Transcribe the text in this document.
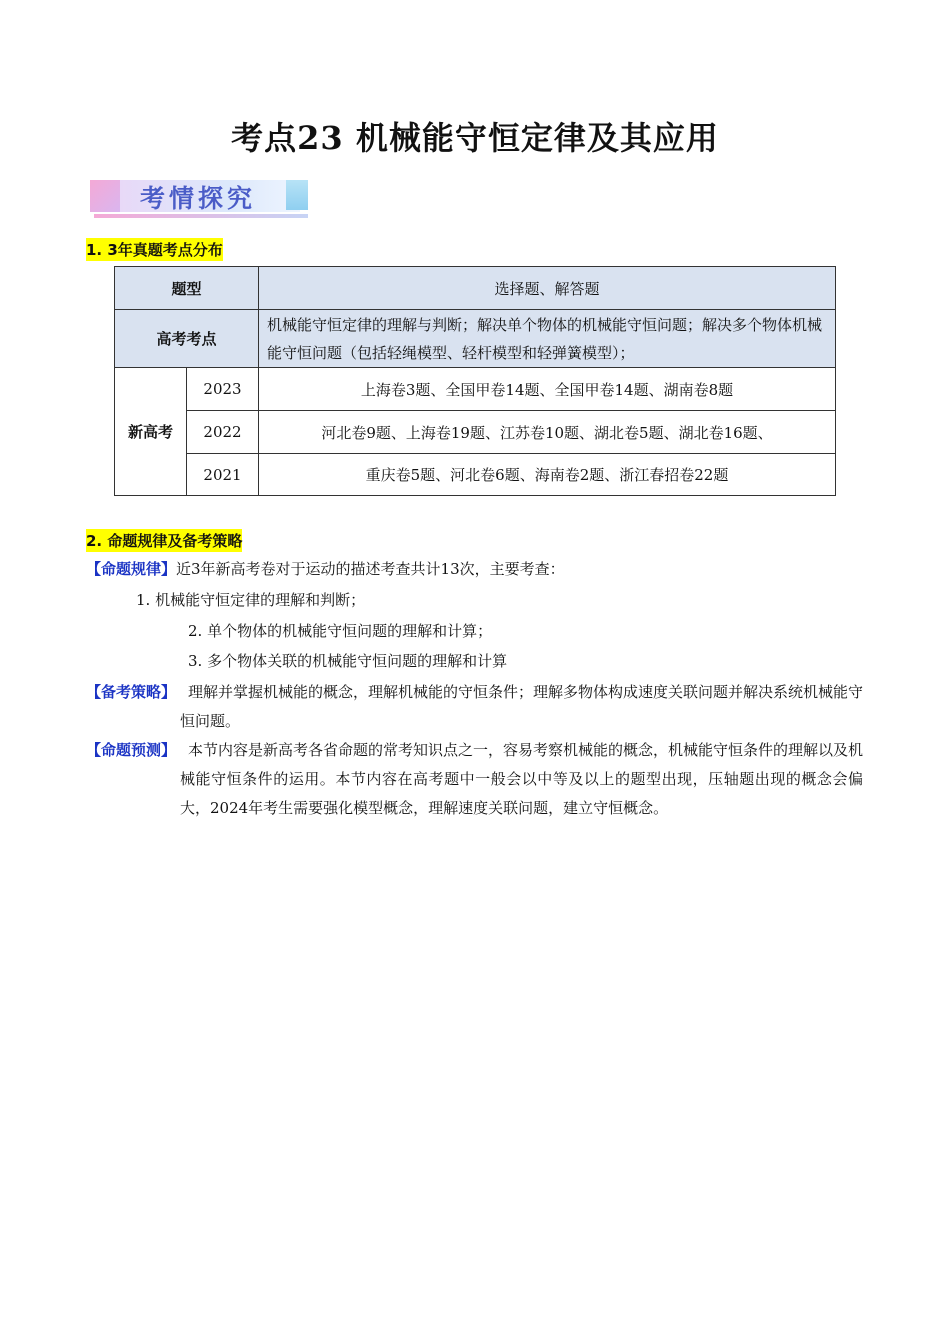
考点23 机械能守恒定律及其应用
考情探究
1. 3年真题考点分布
题型		选择题、解答题
高考考点		机械能守恒定律的理解与判断；解决单个物体的机械能守恒问题；解决多个物体机械能守恒问题（包括轻绳模型、轻杆模型和轻弹簧模型）；
新高考	2023	上海卷3题、全国甲卷14题、全国甲卷14题、湖南卷8题
	2022	河北卷9题、上海卷19题、江苏卷10题、湖北卷5题、湖北卷16题、
	2021	重庆卷5题、河北卷6题、海南卷2题、浙江春招卷22题
2. 命题规律及备考策略
【命题规律】近3年新高考卷对于运动的描述考查共计13次，主要考查：
1. 机械能守恒定律的理解和判断；
2. 单个物体的机械能守恒问题的理解和计算；
3. 多个物体关联的机械能守恒问题的理解和计算
【备考策略】 理解并掌握机械能的概念，理解机械能的守恒条件；理解多物体构成速度关联问题并解决系统机械能守恒问题。
【命题预测】 本节内容是新高考各省命题的常考知识点之一，容易考察机械能的概念，机械能守恒条件的理解以及机械能守恒条件的运用。本节内容在高考题中一般会以中等及以上的题型出现，压轴题出现的概念会偏大，2024年考生需要强化模型概念，理解速度关联问题，建立守恒概念。
